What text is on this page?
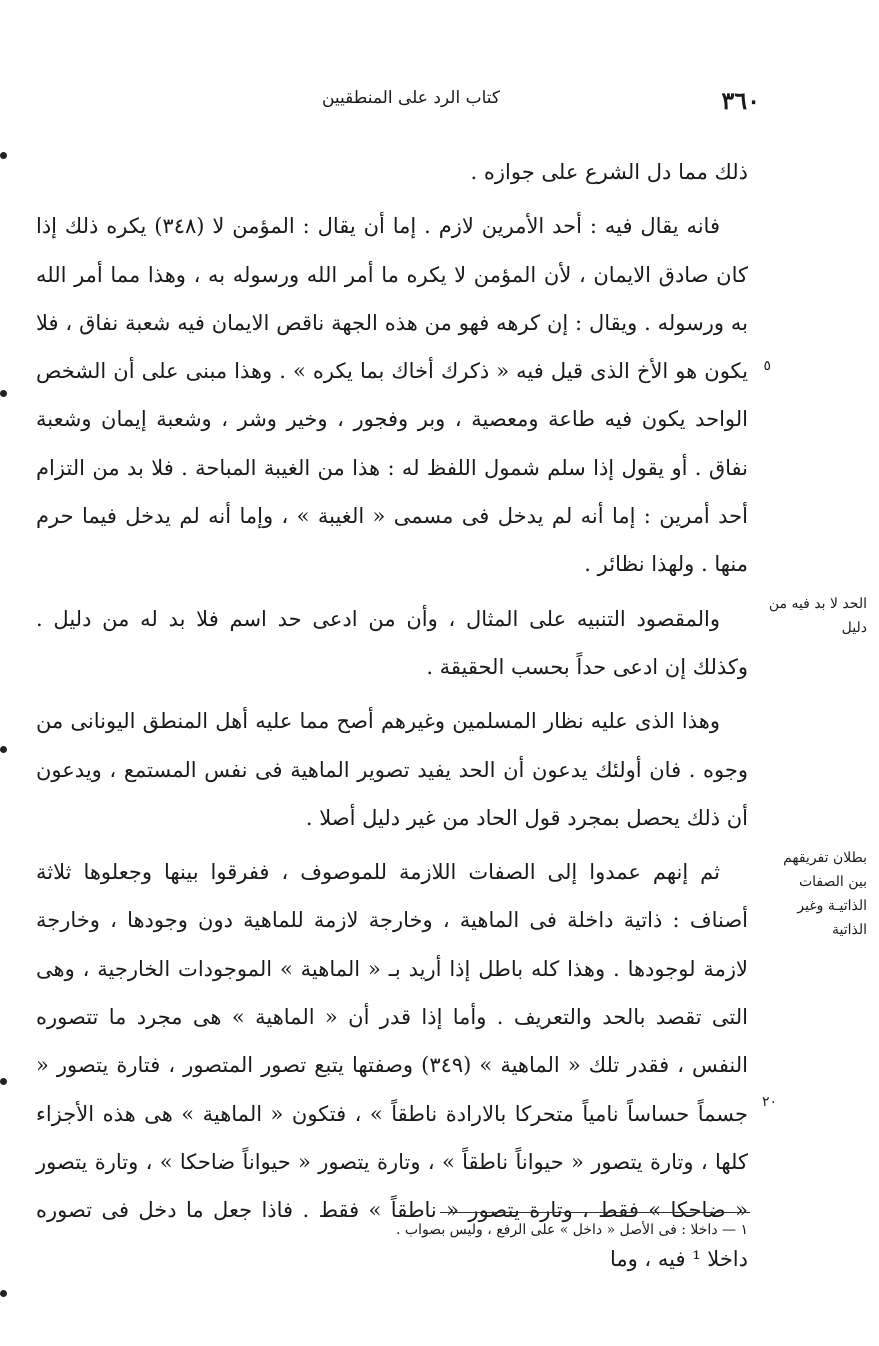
٣٦٠
كتاب الرد على المنطقيين

ذلك مما دل الشرع على جوازه .

فانه يقال فيه : أحد الأمرين لازم . إما أن يقال : المؤمن لا (٣٤٨) يكره ذلك إذا كان صادق الايمان ، لأن المؤمن لا يكره ما أمر الله ورسوله به ، وهذا مما أمر الله به ورسوله . ويقال : إن كرهه فهو من هذه الجهة ناقص الايمان فيه شعبة نفاق ، فلا يكون هو الأخ الذى قيل فيه « ذكرك أخاك بما يكره » . وهذا مبنى على أن الشخص الواحد يكون فيه طاعة ومعصية ، وبر وفجور ، وخير وشر ، وشعبة إيمان وشعبة نفاق . أو يقول إذا سلم شمول اللفظ له : هذا من الغيبة المباحة . فلا بد من التزام أحد أمرين : إما أنه لم يدخل فى مسمى « الغيبة » ، وإما أنه لم يدخل فيما حرم منها . ولهذا نظائر .

والمقصود التنبيه على المثال ، وأن من ادعى حد اسم فلا بد له من دليل . وكذلك إن ادعى حداً بحسب الحقيقة .

وهذا الذى عليه نظار المسلمين وغيرهم أصح مما عليه أهل المنطق اليونانى من وجوه . فان أولئك يدعون أن الحد يفيد تصوير الماهية فى نفس المستمع ، ويدعون أن ذلك يحصل بمجرد قول الحاد من غير دليل أصلا .

ثم إنهم عمدوا إلى الصفات اللازمة للموصوف ، ففرقوا بينها وجعلوها ثلاثة أصناف : ذاتية داخلة فى الماهية ، وخارجة لازمة للماهية دون وجودها ، وخارجة لازمة لوجودها . وهذا كله باطل إذا أريد بـ « الماهية » الموجودات الخارجية ، وهى التى تقصد بالحد والتعريف . وأما إذا قدر أن « الماهية » هى مجرد ما تتصوره النفس ، فقدر تلك « الماهية » (٣٤٩) وصفتها يتبع تصور المتصور ، فتارة يتصور « جسماً حساساً نامياً متحركا بالارادة ناطقاً » ، فتكون « الماهية » هى هذه الأجزاء كلها ، وتارة يتصور « حيواناً ناطقاً » ، وتارة يتصور « حيواناً ضاحكا » ، وتارة يتصور « ضاحكا » فقط ، وتارة يتصور « ناطقاً » فقط . فاذا جعل ما دخل فى تصوره داخلا ¹ فيه ، وما

الحد لا بد فيه من دليل
بطلان تفريقهم بين الصفات الذاتيـة وغير الذاتية
٥
٢٠
١ — داخلا : فى الأصل « داخل » على الرفع ، وليس بصواب .
